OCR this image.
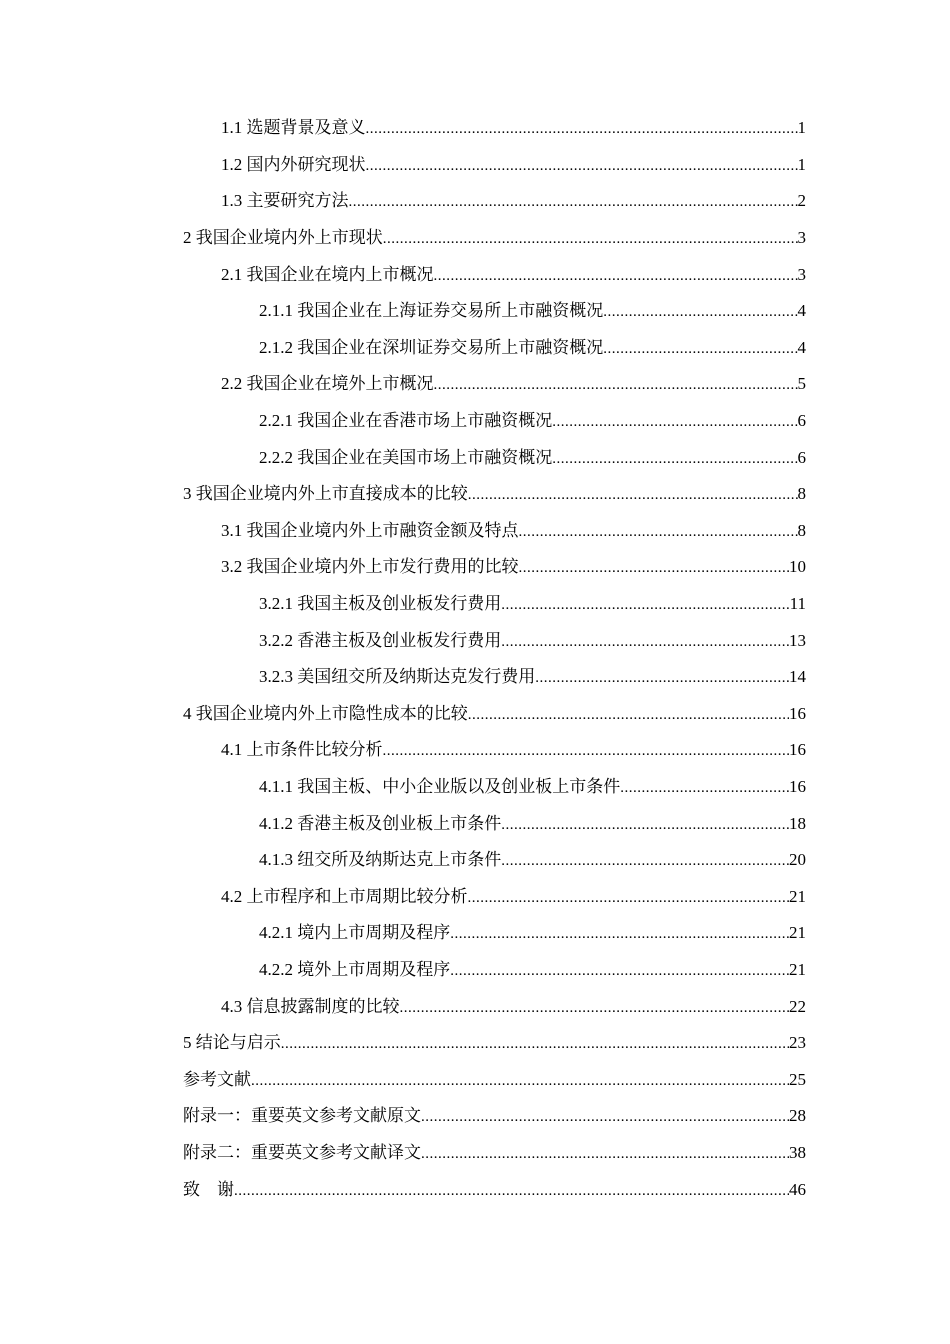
1.1 选题背景及意义 .....	1
1.2 国内外研究现状 .....	1
1.3 主要研究方法 .....	2
2 我国企业境内外上市现状 .....	3
2.1 我国企业在境内上市概况 .....	3
2.1.1 我国企业在上海证券交易所上市融资概况 .....	4
2.1.2 我国企业在深圳证券交易所上市融资概况 .....	4
2.2 我国企业在境外上市概况 .....	5
2.2.1 我国企业在香港市场上市融资概况 .....	6
2.2.2 我国企业在美国市场上市融资概况 .....	6
3 我国企业境内外上市直接成本的比较 .....	8
3.1 我国企业境内外上市融资金额及特点 .....	8
3.2 我国企业境内外上市发行费用的比较 .....	10
3.2.1 我国主板及创业板发行费用 .....	11
3.2.2 香港主板及创业板发行费用 .....	13
3.2.3 美国纽交所及纳斯达克发行费用 .....	14
4 我国企业境内外上市隐性成本的比较 .....	16
4.1 上市条件比较分析 .....	16
4.1.1 我国主板、中小企业版以及创业板上市条件 .....	16
4.1.2 香港主板及创业板上市条件 .....	18
4.1.3 纽交所及纳斯达克上市条件 .....	20
4.2 上市程序和上市周期比较分析 .....	21
4.2.1 境内上市周期及程序 .....	21
4.2.2 境外上市周期及程序 .....	21
4.3 信息披露制度的比较 .....	22
5 结论与启示 .....	23
参考文献 .....	25
附录一：重要英文参考文献原文 .....	28
附录二：重要英文参考文献译文 .....	38
致　谢 .....	46
